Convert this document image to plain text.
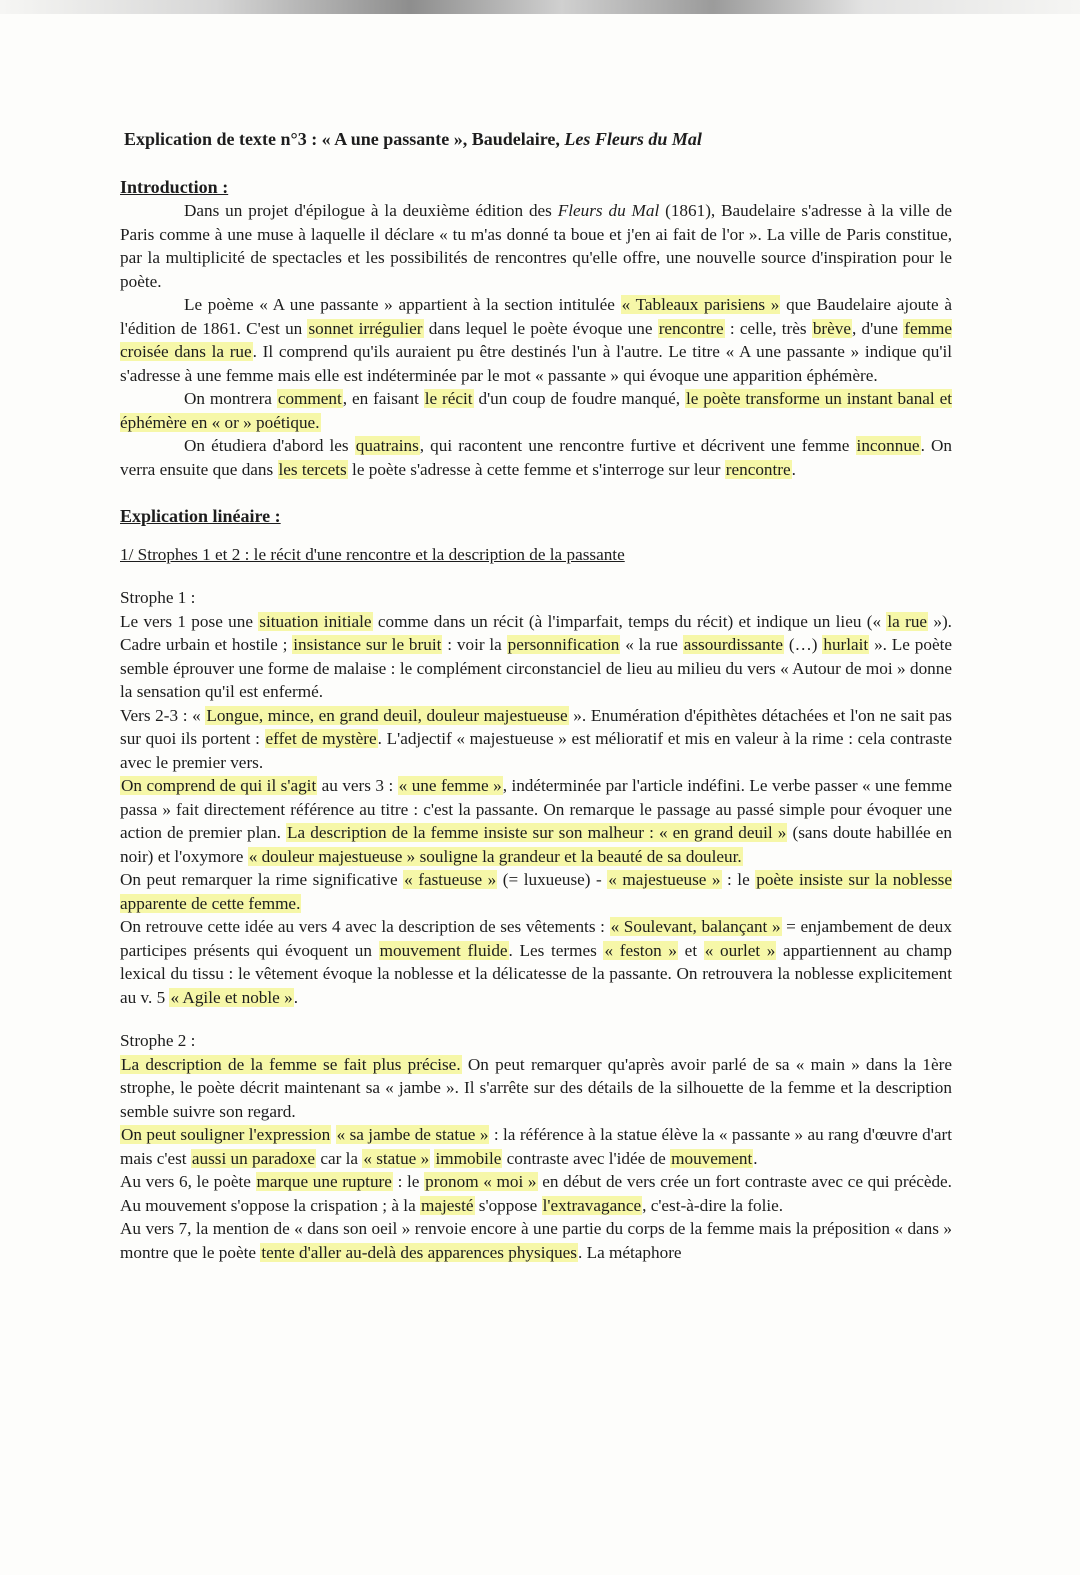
Explication de texte n°3 : « A une passante », Baudelaire, Les Fleurs du Mal
Introduction :

Dans un projet d'épilogue à la deuxième édition des Fleurs du Mal (1861), Baudelaire s'adresse à la ville de Paris comme à une muse à laquelle il déclare « tu m'as donné ta boue et j'en ai fait de l'or ». La ville de Paris constitue, par la multiplicité de spectacles et les possibilités de rencontres qu'elle offre, une nouvelle source d'inspiration pour le poète.

Le poème « A une passante » appartient à la section intitulée « Tableaux parisiens » que Baudelaire ajoute à l'édition de 1861. C'est un sonnet irrégulier dans lequel le poète évoque une rencontre : celle, très brève, d'une femme croisée dans la rue. Il comprend qu'ils auraient pu être destinés l'un à l'autre. Le titre « A une passante » indique qu'il s'adresse à une femme mais elle est indéterminée par le mot « passante » qui évoque une apparition éphémère.

On montrera comment, en faisant le récit d'un coup de foudre manqué, le poète transforme un instant banal et éphémère en « or » poétique.

On étudiera d'abord les quatrains, qui racontent une rencontre furtive et décrivent une femme inconnue. On verra ensuite que dans les tercets le poète s'adresse à cette femme et s'interroge sur leur rencontre.

Explication linéaire :
1/ Strophes 1 et 2 : le récit d'une rencontre et la description de la passante
Strophe 1 :

Le vers 1 pose une situation initiale comme dans un récit (à l'imparfait, temps du récit) et indique un lieu (« la rue »). Cadre urbain et hostile ; insistance sur le bruit : voir la personnification « la rue assourdissante (…) hurlait ». Le poète semble éprouver une forme de malaise : le complément circonstanciel de lieu au milieu du vers « Autour de moi » donne la sensation qu'il est enfermé.

Vers 2-3 : « Longue, mince, en grand deuil, douleur majestueuse ». Enumération d'épithètes détachées et l'on ne sait pas sur quoi ils portent : effet de mystère. L'adjectif « majestueuse » est mélioratif et mis en valeur à la rime : cela contraste avec le premier vers.

On comprend de qui il s'agit au vers 3 : « une femme », indéterminée par l'article indéfini. Le verbe passer « une femme passa » fait directement référence au titre : c'est la passante. On remarque le passage au passé simple pour évoquer une action de premier plan. La description de la femme insiste sur son malheur : « en grand deuil » (sans doute habillée en noir) et l'oxymore « douleur majestueuse » souligne la grandeur et la beauté de sa douleur.

On peut remarquer la rime significative « fastueuse » (= luxueuse) - « majestueuse » : le poète insiste sur la noblesse apparente de cette femme.

On retrouve cette idée au vers 4 avec la description de ses vêtements : « Soulevant, balançant » = enjambement de deux participes présents qui évoquent un mouvement fluide. Les termes « feston » et « ourlet » appartiennent au champ lexical du tissu : le vêtement évoque la noblesse et la délicatesse de la passante. On retrouvera la noblesse explicitement au v. 5 « Agile et noble ».

Strophe 2 :

La description de la femme se fait plus précise. On peut remarquer qu'après avoir parlé de sa « main » dans la 1ère strophe, le poète décrit maintenant sa « jambe ». Il s'arrête sur des détails de la silhouette de la femme et la description semble suivre son regard.

On peut souligner l'expression « sa jambe de statue » : la référence à la statue élève la « passante » au rang d'œuvre d'art mais c'est aussi un paradoxe car la « statue » immobile contraste avec l'idée de mouvement.

Au vers 6, le poète marque une rupture : le pronom « moi » en début de vers crée un fort contraste avec ce qui précède. Au mouvement s'oppose la crispation ; à la majesté s'oppose l'extravagance, c'est-à-dire la folie.

Au vers 7, la mention de « dans son oeil » renvoie encore à une partie du corps de la femme mais la préposition « dans » montre que le poète tente d'aller au-delà des apparences physiques. La métaphore
